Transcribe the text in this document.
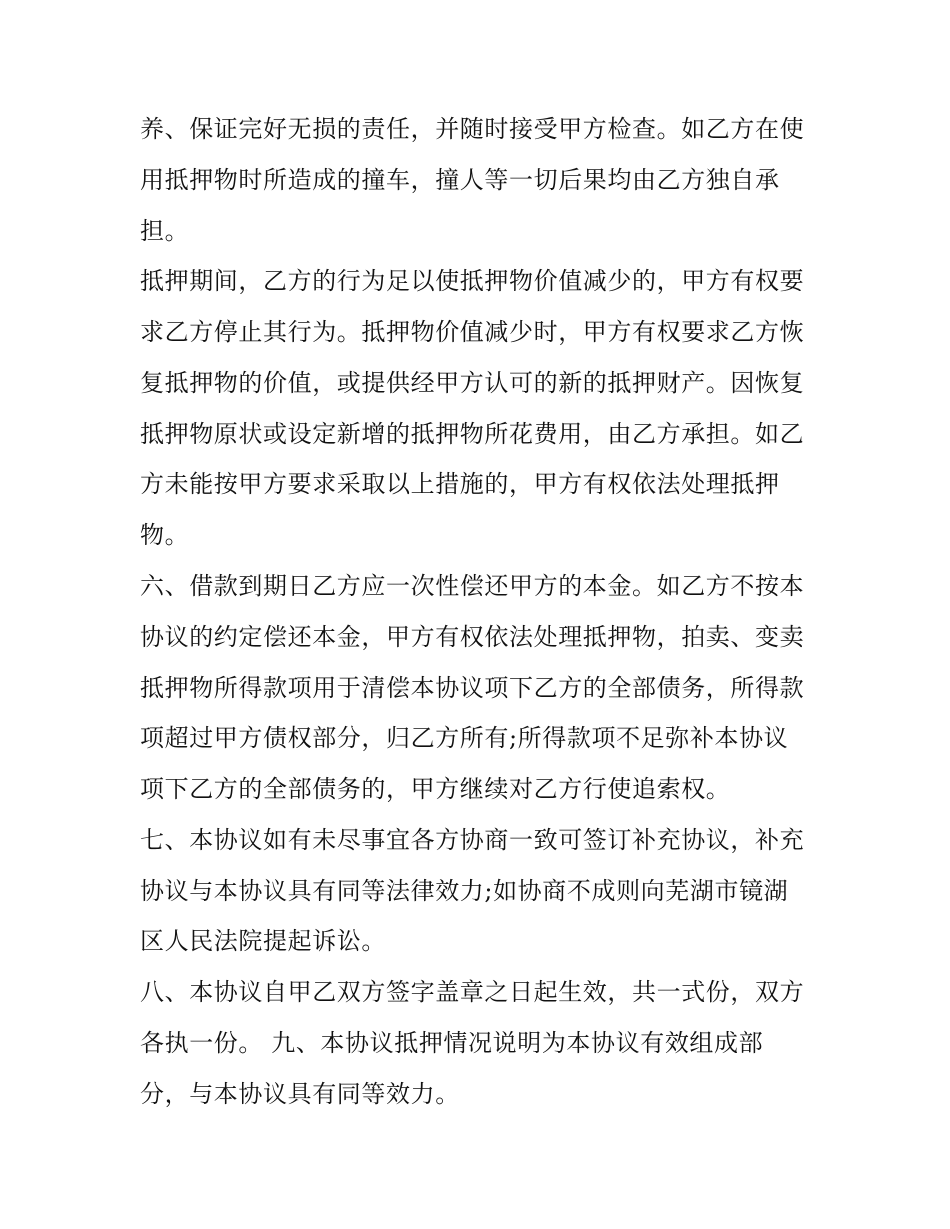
养、保证完好无损的责任，并随时接受甲方检查。如乙方在使
用抵押物时所造成的撞车，撞人等一切后果均由乙方独自承
担。
抵押期间，乙方的行为足以使抵押物价值减少的，甲方有权要
求乙方停止其行为。抵押物价值减少时，甲方有权要求乙方恢
复抵押物的价值，或提供经甲方认可的新的抵押财产。因恢复
抵押物原状或设定新增的抵押物所花费用，由乙方承担。如乙
方未能按甲方要求采取以上措施的，甲方有权依法处理抵押
物。
六、借款到期日乙方应一次性偿还甲方的本金。如乙方不按本
协议的约定偿还本金，甲方有权依法处理抵押物，拍卖、变卖
抵押物所得款项用于清偿本协议项下乙方的全部债务，所得款
项超过甲方债权部分，归乙方所有;所得款项不足弥补本协议
项下乙方的全部债务的，甲方继续对乙方行使追索权。
七、本协议如有未尽事宜各方协商一致可签订补充协议，补充
协议与本协议具有同等法律效力;如协商不成则向芜湖市镜湖
区人民法院提起诉讼。
八、本协议自甲乙双方签字盖章之日起生效，共一式份，双方
各执一份。 九、本协议抵押情况说明为本协议有效组成部
分，与本协议具有同等效力。
